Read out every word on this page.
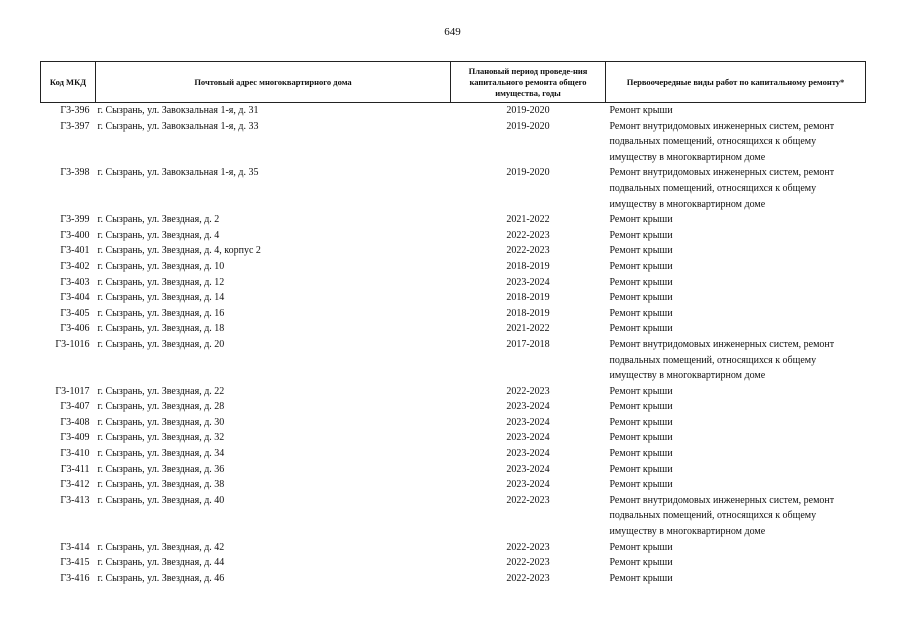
649
Код МКД	Почтовый адрес многоквартирного дома	Плановый период проведе-ния капитального ремонта общего имущества, годы	Первоочередные виды работ по капитальному ремонту*
Г3-396	г. Сызрань, ул. Завокзальная 1-я, д. 31	2019-2020	Ремонт крыши
Г3-397	г. Сызрань, ул. Завокзальная 1-я, д. 33	2019-2020	Ремонт внутридомовых инженерных систем, ремонт подвальных помещений, относящихся к общему имуществу в многоквартирном доме
Г3-398	г. Сызрань, ул. Завокзальная 1-я, д. 35	2019-2020	Ремонт внутридомовых инженерных систем, ремонт подвальных помещений, относящихся к общему имуществу в многоквартирном доме
Г3-399	г. Сызрань, ул. Звездная, д. 2	2021-2022	Ремонт крыши
Г3-400	г. Сызрань, ул. Звездная, д. 4	2022-2023	Ремонт крыши
Г3-401	г. Сызрань, ул. Звездная, д. 4, корпус 2	2022-2023	Ремонт крыши
Г3-402	г. Сызрань, ул. Звездная, д. 10	2018-2019	Ремонт крыши
Г3-403	г. Сызрань, ул. Звездная, д. 12	2023-2024	Ремонт крыши
Г3-404	г. Сызрань, ул. Звездная, д. 14	2018-2019	Ремонт крыши
Г3-405	г. Сызрань, ул. Звездная, д. 16	2018-2019	Ремонт крыши
Г3-406	г. Сызрань, ул. Звездная, д. 18	2021-2022	Ремонт крыши
Г3-1016	г. Сызрань, ул. Звездная, д. 20	2017-2018	Ремонт внутридомовых инженерных систем, ремонт подвальных помещений, относящихся к общему имуществу в многоквартирном доме
Г3-1017	г. Сызрань, ул. Звездная, д. 22	2022-2023	Ремонт крыши
Г3-407	г. Сызрань, ул. Звездная, д. 28	2023-2024	Ремонт крыши
Г3-408	г. Сызрань, ул. Звездная, д. 30	2023-2024	Ремонт крыши
Г3-409	г. Сызрань, ул. Звездная, д. 32	2023-2024	Ремонт крыши
Г3-410	г. Сызрань, ул. Звездная, д. 34	2023-2024	Ремонт крыши
Г3-411	г. Сызрань, ул. Звездная, д. 36	2023-2024	Ремонт крыши
Г3-412	г. Сызрань, ул. Звездная, д. 38	2023-2024	Ремонт крыши
Г3-413	г. Сызрань, ул. Звездная, д. 40	2022-2023	Ремонт внутридомовых инженерных систем, ремонт подвальных помещений, относящихся к общему имуществу в многоквартирном доме
Г3-414	г. Сызрань, ул. Звездная, д. 42	2022-2023	Ремонт крыши
Г3-415	г. Сызрань, ул. Звездная, д. 44	2022-2023	Ремонт крыши
Г3-416	г. Сызрань, ул. Звездная, д. 46	2022-2023	Ремонт крыши
